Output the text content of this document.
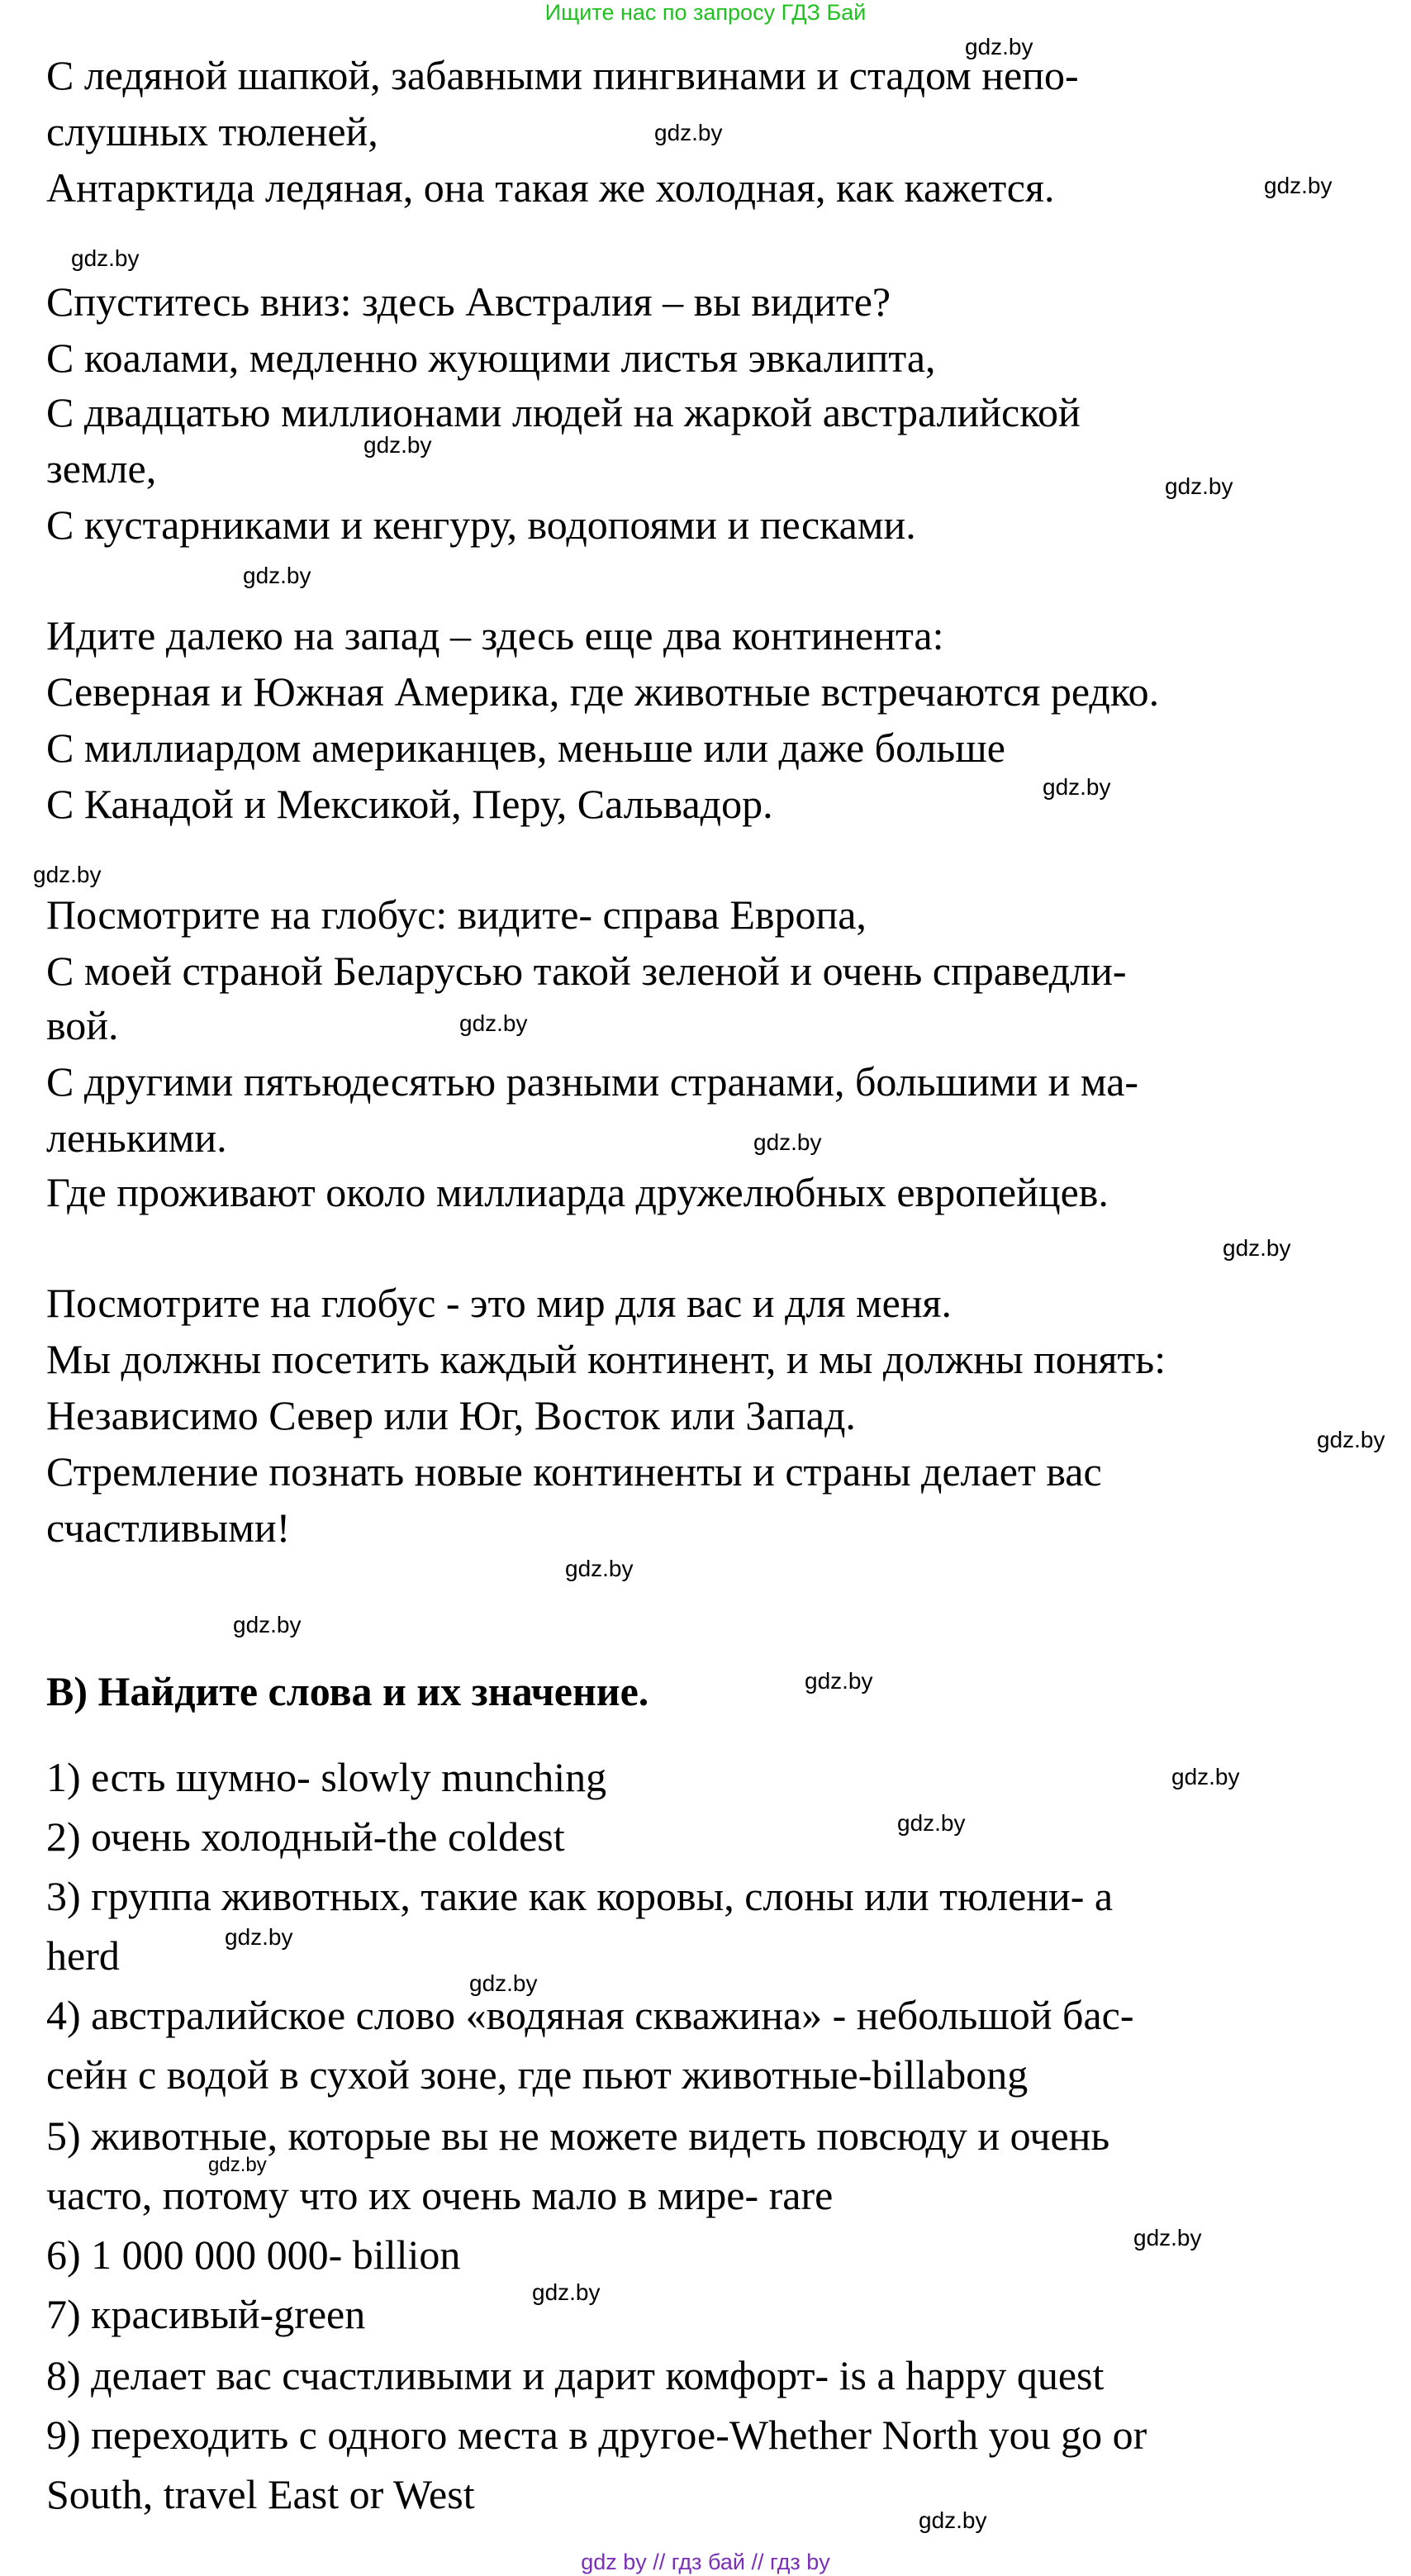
Ищите нас по запросу ГДЗ Бай

С ледяной шапкой, забавными пингвинами и стадом непо-

слушных тюленей,

Антарктида ледяная, она такая же холодная, как кажется.

Спуститесь вниз: здесь Австралия – вы видите?

С коалами, медленно жующими листья эвкалипта,

С двадцатью миллионами людей на жаркой австралийской

земле,

С кустарниками и кенгуру, водопоями и песками.

Идите далеко на запад – здесь еще два континента:

Северная и Южная Америка, где животные встречаются редко.

С миллиардом американцев, меньше или даже больше

С Канадой и Мексикой, Перу, Сальвадор.

Посмотрите на глобус: видите- справа Европа,

С моей страной Беларусью такой зеленой и очень справедли-

вой.

С другими пятьюдесятью разными странами, большими и ма-

ленькими.

Где проживают около миллиарда дружелюбных европейцев.

Посмотрите на глобус - это мир для вас и для меня.

Мы должны посетить каждый континент, и мы должны понять:

Независимо Север или Юг, Восток или Запад.

Стремление познать новые континенты и страны делает вас

счастливыми!

B) Найдите слова и их значение.

1) есть шумно- slowly munching

2) очень холодный-the coldest

3) группа животных, такие как коровы, слоны или тюлени- a

herd

4) австралийское слово «водяная скважина» - небольшой бас-

сейн с водой в сухой зоне, где пьют животные-billabong

5) животные, которые вы не можете видеть повсюду и очень

часто, потому что их очень мало в мире- rare

6) 1 000 000 000- billion

7) красивый-green

8) делает вас счастливыми и дарит комфорт- is a happy quest

9) переходить с одного места в другое-Whether North you go or

South, travel East or West

gdz.by
gdz.by
gdz.by
gdz.by
gdz.by
gdz.by
gdz.by
gdz.by
gdz.by
gdz.by
gdz.by
gdz.by
gdz.by
gdz.by
gdz.by
gdz.by
gdz.by
gdz.by
gdz.by
gdz.by
gdz.by
gdz.by
gdz.by
gdz.by
gdz by // гдз бай // гдз by
